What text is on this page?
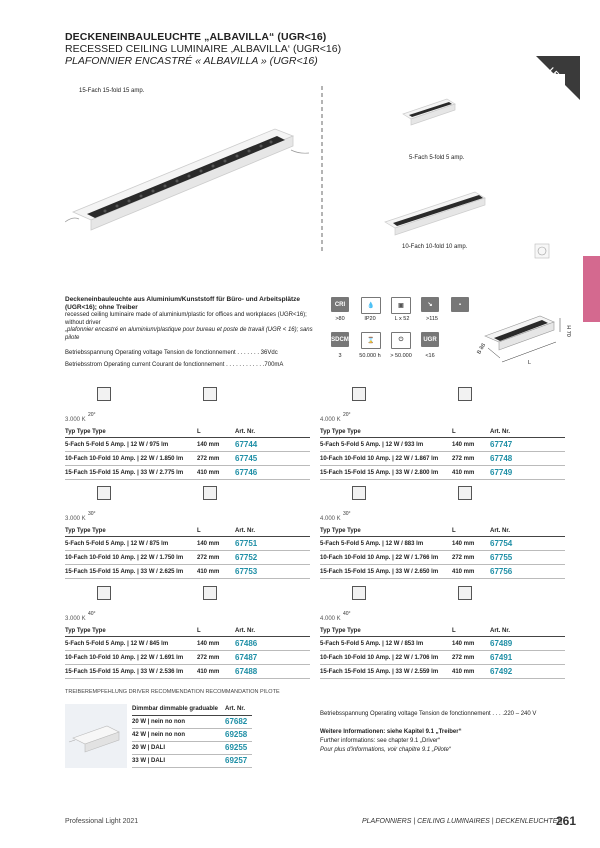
DECKENEINBAULEUCHTE „ALBAVILLA“ (UGR<16)
RECESSED CEILING LUMINAIRE ‚ALBAVILLA‘ (UGR<16)
PLAFONNIER ENCASTRÉ « ALBAVILLA » (UGR<16)
15-Fach 15-fold 15 amp.
5-Fach 5-fold 5 amp.
10-Fach 10-fold 10 amp.
Deckeneinbauleuchte aus Aluminium/Kunststoff für Büro- und Arbeitsplätze (UGR<16); ohne Treiber
recessed ceiling luminaire made of aluminium/plastic for offices and workplaces (UGR<16); without driver
„plafonnier encastré en aluminium/plastique pour bureau et poste de travail (UGR < 16); sans pilote
Betriebsspannung Operating voltage Tension de fonctionnement . . . . . . . 36Vdc
Betriebsstrom Operating current Courant de fonctionnement . . . . . . . . . . . .700mA
CRI
>80
💧
IP20
▣
L x 52
↘
>115
▪
SDCM
3
⌛
50.000 h
⏻
> 50.000
UGR
<16
H 70
B 88
L
3.000 K
20°
Typ Type Type	L	Art. Nr.
5-Fach 5-Fold 5 Amp. | 12 W / 975 lm	140 mm 67744
10-Fach 10-Fold 10 Amp. | 22 W / 1.850 lm 272 mm 67745
15-Fach 15-Fold 15 Amp. | 33 W / 2.775 lm 410 mm 67746
4.000 K
20°
Typ Type Type	L	Art. Nr.
5-Fach 5-Fold 5 Amp. | 12 W / 933 lm	140 mm 67747
10-Fach 10-Fold 10 Amp. | 22 W / 1.867 lm 272 mm 67748
15-Fach 15-Fold 15 Amp. | 33 W / 2.800 lm 410 mm 67749
3.000 K
30°
Typ Type Type	L	Art. Nr.
5-Fach 5-Fold 5 Amp. | 12 W / 875 lm	140 mm 67751
10-Fach 10-Fold 10 Amp. | 22 W / 1.750 lm 272 mm 67752
15-Fach 15-Fold 15 Amp. | 33 W / 2.625 lm 410 mm 67753
4.000 K
30°
Typ Type Type	L	Art. Nr.
5-Fach 5-Fold 5 Amp. | 12 W / 883 lm	140 mm 67754
10-Fach 10-Fold 10 Amp. | 22 W / 1.766 lm 272 mm 67755
15-Fach 15-Fold 15 Amp. | 33 W / 2.650 lm 410 mm 67756
3.000 K
40°
Typ Type Type	L	Art. Nr.
5-Fach 5-Fold 5 Amp. | 12 W / 845 lm	140 mm 67486
10-Fach 10-Fold 10 Amp. | 22 W / 1.691 lm 272 mm 67487
15-Fach 15-Fold 15 Amp. | 33 W / 2.536 lm 410 mm 67488
4.000 K
40°
Typ Type Type	L	Art. Nr.
5-Fach 5-Fold 5 Amp. | 12 W / 853 lm	140 mm 67489
10-Fach 10-Fold 10 Amp. | 22 W / 1.706 lm 272 mm 67491
15-Fach 15-Fold 15 Amp. | 33 W / 2.559 lm 410 mm 67492
TREIBEREMPFEHLUNG DRIVER RECOMMENDATION RECOMMANDATION PILOTE
Dimmbar dimmable graduable Art. Nr.
20 W | nein no non	67682
42 W | nein no non	69258
20 W | DALI	69255
33 W | DALI	69257
Betriebsspannung Operating voltage Tension de fonctionnement . . . .220 – 240 V
Weitere Informationen: siehe Kapitel 9.1 „Treiber“
Further informations: see chapter 9.1 „Driver“
Pour plus d'informations, voir chapitre 9.1 „Pilote“
Professional Light 2021	PLAFONNIERS | CEILING LUMINAIRES | DECKENLEUCHTEN
261
